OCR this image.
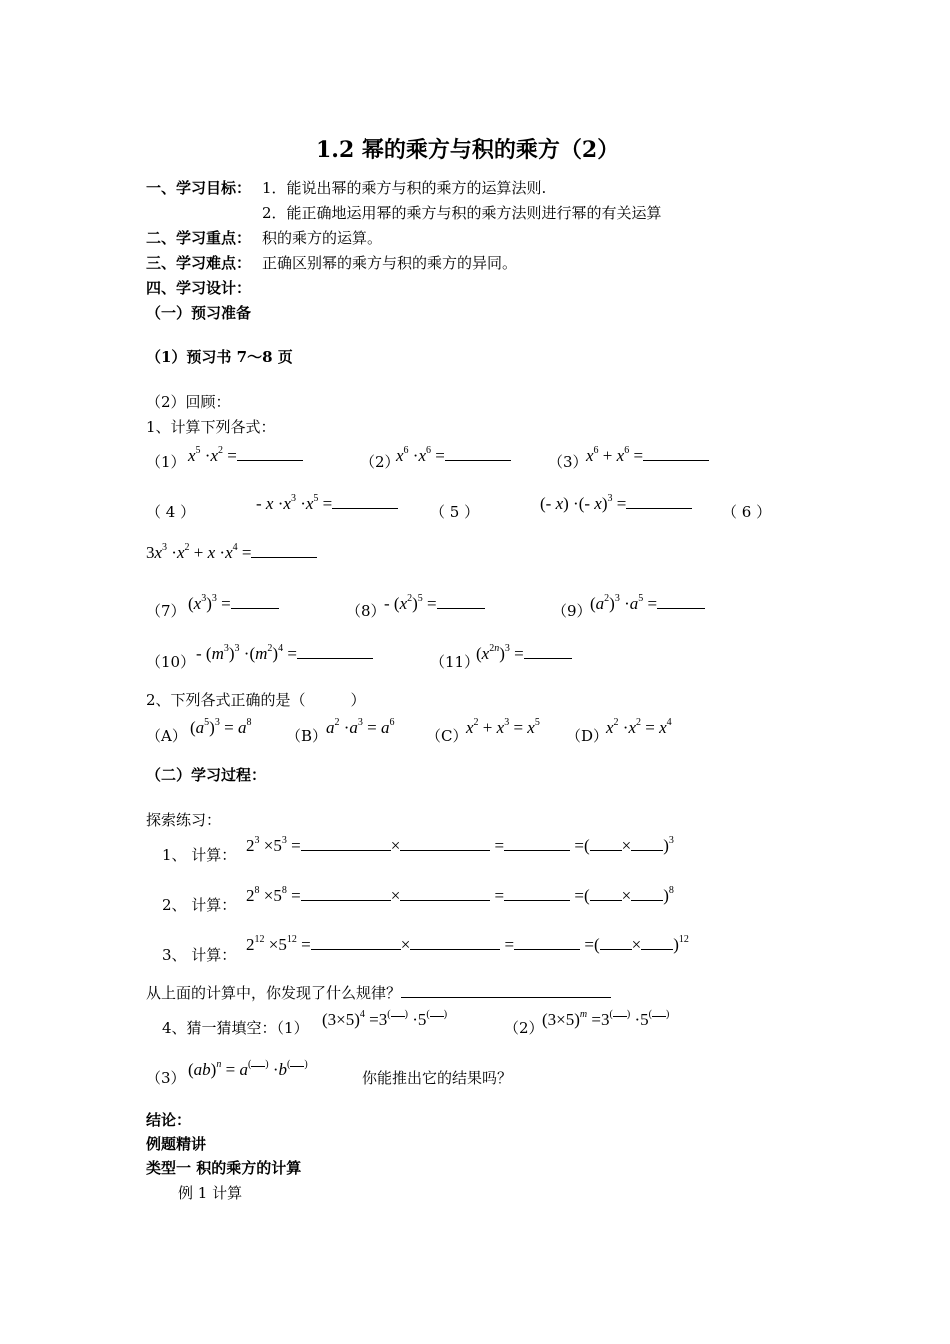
1.2 幂的乘方与积的乘方（2）
一、学习目标： 1．能说出幂的乘方与积的乘方的运算法则.
2．能正确地运用幂的乘方与积的乘方法则进行幂的有关运算
二、学习重点： 积的乘方的运算。
三、学习难点： 正确区别幂的乘方与积的乘方的异同。
四、学习设计：
（一）预习准备
（1）预习书 7～8 页
（2）回顾：
1、计算下列各式：
（1） $x^5 \cdot x^2$ =	（2）
$x^6 \cdot x^6$ =	（3）
$x^6 + x^6$ =
（ 4 ）	- $x \cdot x^3 \cdot x^5$ =	（ 5 ）	(- x) ·(- x)$^3$ =	（ 6 ）
$3x^3 \cdot x^2 + x \cdot x^4$ =
（7） $(x^3)^3$ =	（8）
- $(x^2)^5$ =	（9）
$(a^2)^3 \cdot a^5$ =
$(10) - (m^3)^3 \cdot(m^2)^4$ =	（11）
$(x^{2n})^3$ =
2、下列各式正确的是（　　　）
（A） $(a^5)^3 = a^8$
（B）
$a^2 \cdot a^3 = a^6$
（C）
$x^2 + x^3 = x^5$
（D）
$x^2 \cdot x^2 = x^4$
（二）学习过程：
探索练习：
1、 计算： $2^3 \times 5^3$ =	×	=	=( × )$^3$
2、 计算： $2^8 \times 5^8$ =	×	=	=( × )$^8$
3、 计算：
$2^{12} \times 5^{12}$ =	×	=	=( × )$^{12}$
从上面的计算中，你发现了什么规律？
4、猜一猜填空：（1） $(3\times 5)^4 =3^{( )} \cdot 5^{( )}$
（2）
$(3\times 5)^m =3^{( )} \cdot 5^{( )}$
（3） (ab)$^n$ = a( ) ·b( )
你能推出它的结果吗？
结论：
例题精讲
类型一 积的乘方的计算
例 1 计算
